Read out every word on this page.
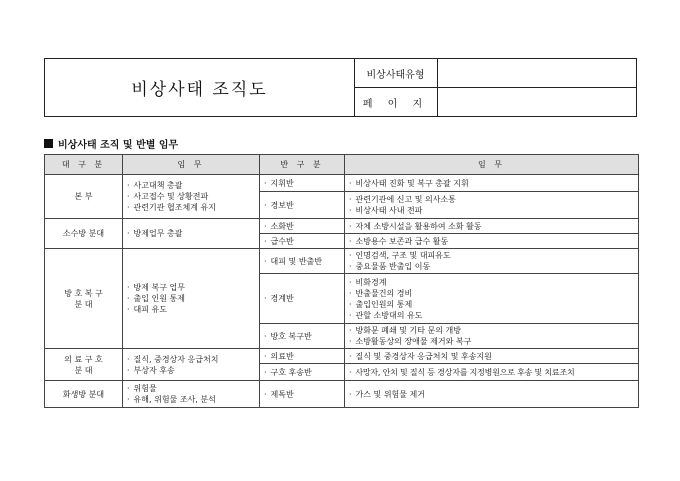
비상사태 조직도
비상사태유형
페 이 지
비상사태 조직 및 반별 임무
대 구 분	임 무	반 구 분	임 무
본 부	· 사고대책 총괄
· 사고접수 및 상황전파
· 관련기관 협조체계 유지	· 지휘반	· 비상사태 진화 및 복구 총괄 지휘

		· 경보반	· 관련기관에 신고 및 의사소통
· 비상사태 사내 전파

소수방 분대	· 방제업무 총괄	· 소화반	· 자체 소방시설을 활용하여 소화 활동

		· 급수반	· 소방용수 보존과 급수 활동

방 호 복 구
분 대	· 방제 복구 업무
· 출입 인원 통제
· 대피 유도	· 대피 및 반출반	· 인명검색, 구조 및 대피유도
· 중요물품 반출입 이동

		· 경계반	· 비화경계
· 반출물건의 경비
· 출입인원의 통제
· 관할 소방대의 유도

		· 방호 복구반	· 방화문 폐쇄 및 기타 문의 개방
· 소방활동상의 장애물 제거와 복구

의 료 구 호
분 대	· 질식, 중경상자 응급처치
· 부상자 후송	· 의료반	· 질식 및 중경상자 응급처치 및 후송지원

		· 구호 후송반	· 사망자, 안치 및 질식 등 경상자를 지정병원으로 후송 및 치료조치

화생방 분대	· 위험물
· 유해, 위험물 조사, 분석	· 제독반	· 가스 및 위험물 제거
